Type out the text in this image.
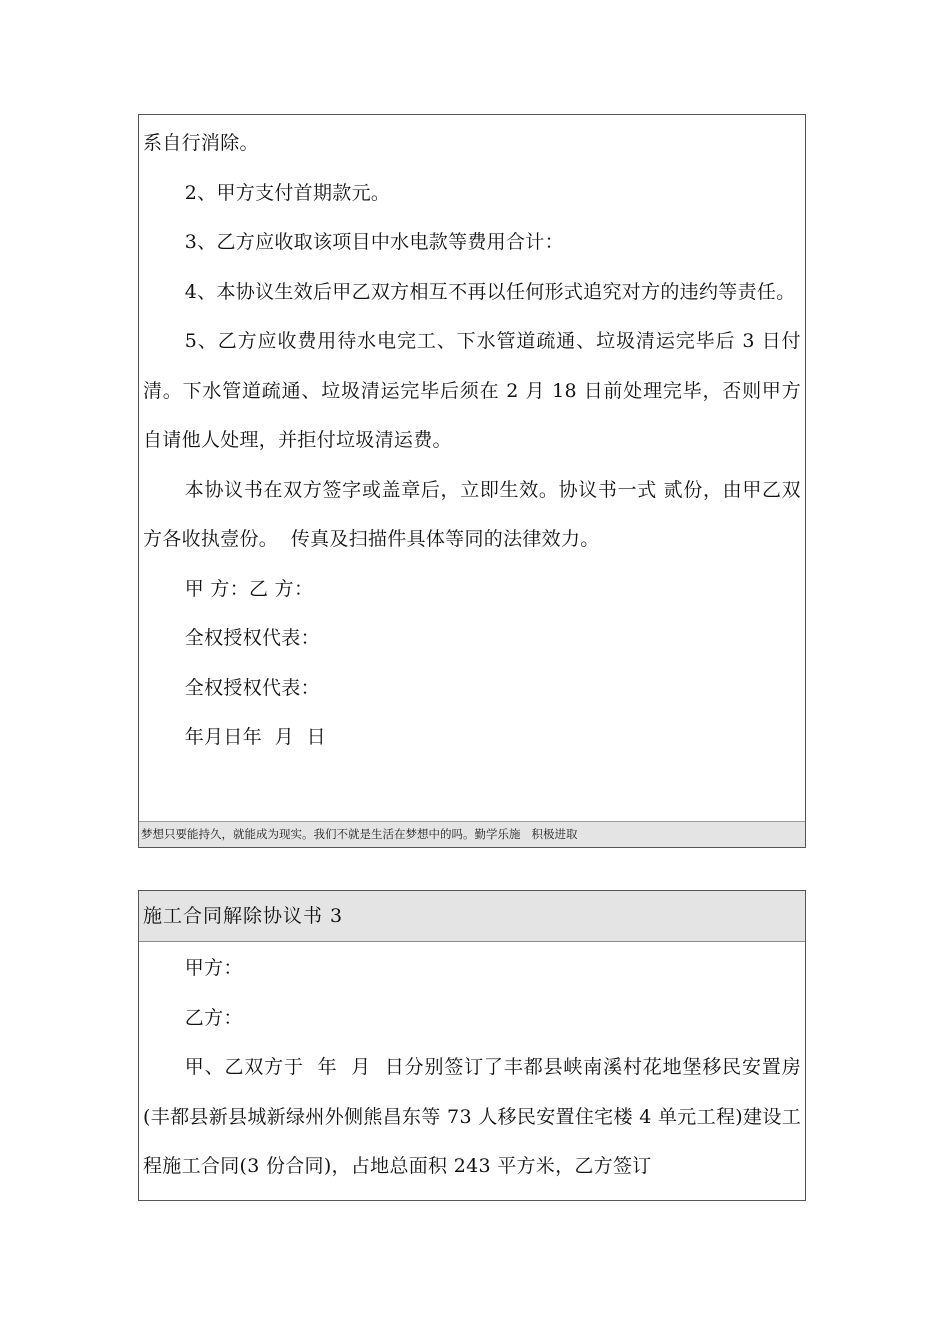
系自行消除。

2、甲方支付首期款元。

3、乙方应收取该项目中水电款等费用合计：

4、本协议生效后甲乙双方相互不再以任何形式追究对方的违约等责任。

5、乙方应收费用待水电完工、下水管道疏通、垃圾清运完毕后 3 日付清。下水管道疏通、垃圾清运完毕后须在 2 月 18 日前处理完毕，否则甲方自请他人处理，并拒付垃圾清运费。

本协议书在双方签字或盖章后，立即生效。协议书一式 贰份，由甲乙双方各收执壹份。  传真及扫描件具体等同的法律效力。

甲 方：乙 方：

全权授权代表：

全权授权代表：

年月日年  月  日

梦想只要能持久，就能成为现实。我们不就是生活在梦想中的吗。勤学乐施   积极进取
施工合同解除协议书 3

甲方：

乙方：

甲、乙双方于  年  月  日分别签订了丰都县峡南溪村花地堡移民安置房(丰都县新县城新绿州外侧熊昌东等 73 人移民安置住宅楼 4 单元工程)建设工程施工合同(3 份合同)，占地总面积 243 平方米，乙方签订
